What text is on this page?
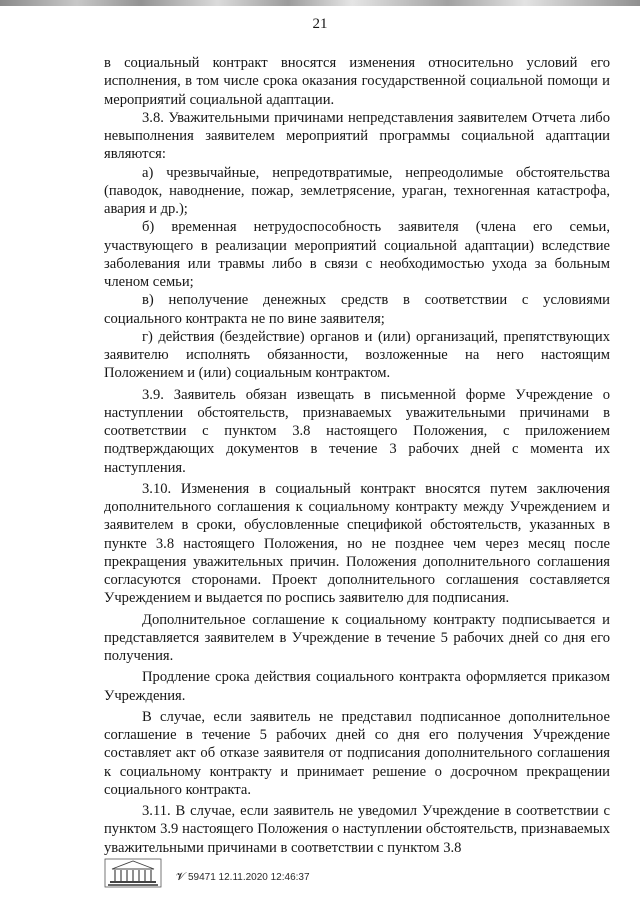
21

в социальный контракт вносятся изменения относительно условий его исполнения, в том числе срока оказания государственной социальной помощи и мероприятий социальной адаптации.

3.8. Уважительными причинами непредставления заявителем Отчета либо невыполнения заявителем мероприятий программы социальной адаптации являются:

а) чрезвычайные, непредотвратимые, непреодолимые обстоятельства (паводок, наводнение, пожар, землетрясение, ураган, техногенная катастрофа, авария и др.);

б) временная нетрудоспособность заявителя (члена его семьи, участвующего в реализации мероприятий социальной адаптации) вследствие заболевания или травмы либо в связи с необходимостью ухода за больным членом семьи;

в) неполучение денежных средств в соответствии с условиями социального контракта не по вине заявителя;

г) действия (бездействие) органов и (или) организаций, препятствующих заявителю исполнять обязанности, возложенные на него настоящим Положением и (или) социальным контрактом.

3.9. Заявитель обязан извещать в письменной форме Учреждение о наступлении обстоятельств, признаваемых уважительными причинами в соответствии с пунктом 3.8 настоящего Положения, с приложением подтверждающих документов в течение 3 рабочих дней с момента их наступления.

3.10. Изменения в социальный контракт вносятся путем заключения дополнительного соглашения к социальному контракту между Учреждением и заявителем в сроки, обусловленные спецификой обстоятельств, указанных в пункте 3.8 настоящего Положения, но не позднее чем через месяц после прекращения уважительных причин. Положения дополнительного соглашения согласуются сторонами. Проект дополнительного соглашения составляется Учреждением и выдается по роспись заявителю для подписания.

Дополнительное соглашение к социальному контракту подписывается и представляется заявителем в Учреждение в течение 5 рабочих дней со дня его получения.

Продление срока действия социального контракта оформляется приказом Учреждения.

В случае, если заявитель не представил подписанное дополнительное соглашение в течение 5 рабочих дней со дня его получения Учреждение составляет акт об отказе заявителя от подписания дополнительного соглашения к социальному контракту и принимает решение о досрочном прекращении социального контракта.

3.11. В случае, если заявитель не уведомил Учреждение в соответствии с пунктом 3.9 настоящего Положения о наступлении обстоятельств, признаваемых уважительными причинами в соответствии с пунктом 3.8

𝓥 59471 12.11.2020 12:46:37
